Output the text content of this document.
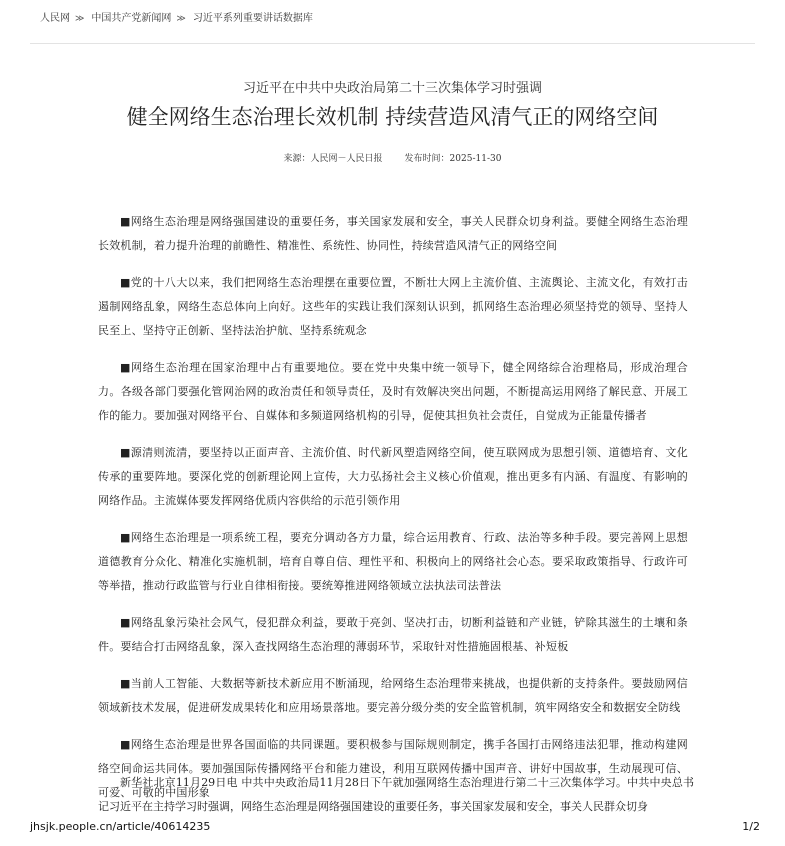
人民网 ≫ 中国共产党新闻网 ≫ 习近平系列重要讲话数据库
习近平在中共中央政治局第二十三次集体学习时强调
健全网络生态治理长效机制 持续营造风清气正的网络空间
来源：人民网－人民日报 发布时间：2025-11-30

■网络生态治理是网络强国建设的重要任务，事关国家发展和安全，事关人民群众切身利益。要健全网络生态治理长效机制，着力提升治理的前瞻性、精准性、系统性、协同性，持续营造风清气正的网络空间

■党的十八大以来，我们把网络生态治理摆在重要位置，不断壮大网上主流价值、主流舆论、主流文化，有效打击遏制网络乱象，网络生态总体向上向好。这些年的实践让我们深刻认识到，抓网络生态治理必须坚持党的领导、坚持人民至上、坚持守正创新、坚持法治护航、坚持系统观念

■网络生态治理在国家治理中占有重要地位。要在党中央集中统一领导下，健全网络综合治理格局，形成治理合力。各级各部门要强化管网治网的政治责任和领导责任，及时有效解决突出问题，不断提高运用网络了解民意、开展工作的能力。要加强对网络平台、自媒体和多频道网络机构的引导，促使其担负社会责任，自觉成为正能量传播者

■源清则流清，要坚持以正面声音、主流价值、时代新风塑造网络空间，使互联网成为思想引领、道德培育、文化传承的重要阵地。要深化党的创新理论网上宣传，大力弘扬社会主义核心价值观，推出更多有内涵、有温度、有影响的网络作品。主流媒体要发挥网络优质内容供给的示范引领作用

■网络生态治理是一项系统工程，要充分调动各方力量，综合运用教育、行政、法治等多种手段。要完善网上思想道德教育分众化、精准化实施机制，培育自尊自信、理性平和、积极向上的网络社会心态。要采取政策指导、行政许可等举措，推动行政监管与行业自律相衔接。要统筹推进网络领域立法执法司法普法

■网络乱象污染社会风气，侵犯群众利益，要敢于亮剑、坚决打击，切断利益链和产业链，铲除其滋生的土壤和条件。要结合打击网络乱象，深入查找网络生态治理的薄弱环节，采取针对性措施固根基、补短板

■当前人工智能、大数据等新技术新应用不断涌现，给网络生态治理带来挑战，也提供新的支持条件。要鼓励网信领域新技术发展，促进研发成果转化和应用场景落地。要完善分级分类的安全监管机制，筑牢网络安全和数据安全防线

■网络生态治理是世界各国面临的共同课题。要积极参与国际规则制定，携手各国打击网络违法犯罪，推动构建网络空间命运共同体。要加强国际传播网络平台和能力建设，利用互联网传播中国声音、讲好中国故事，生动展现可信、可爱、可敬的中国形象

新华社北京11月29日电 中共中央政治局11月28日下午就加强网络生态治理进行第二十三次集体学习。中共中央总书记习近平在主持学习时强调，网络生态治理是网络强国建设的重要任务，事关国家发展和安全，事关人民群众切身

jhsjk.people.cn/article/40614235	1/2
